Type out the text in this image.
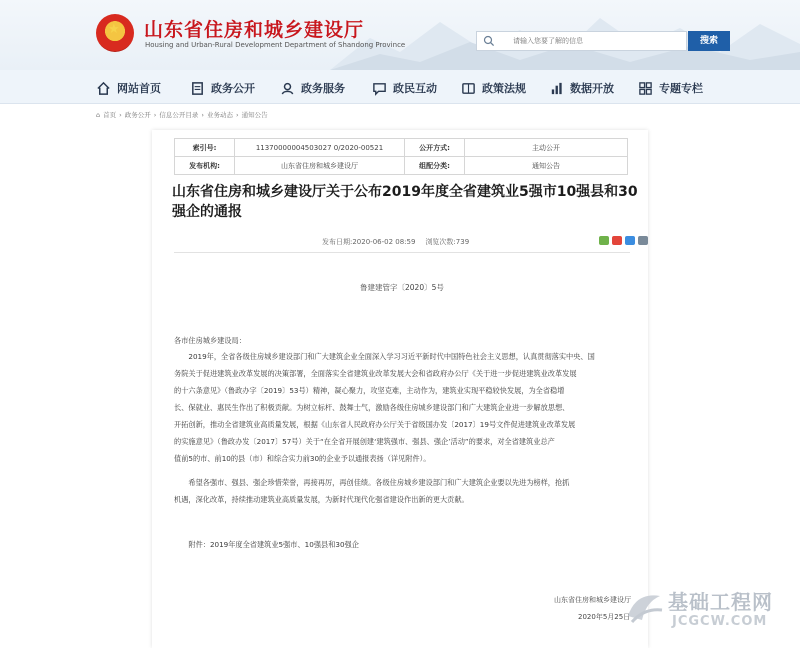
★ 山东省住房和城乡建设厅
Housing and Urban-Rural Development Department of Shandong Province
请输入您要了解的信息	搜索
网站首页	政务公开	政务服务	政民互动	政策法规	数据开放	专题专栏
⌂ 首页 › 政务公开 › 信息公开目录 › 业务动态 › 通知公告
索引号:	11370000004503027 0/2020-00521	公开方式:	主动公开
发布机构:	山东省住房和城乡建设厅	组配分类:	通知公告
山东省住房和城乡建设厅关于公布2019年度全省建筑业5强市10强县和30强企的通报
发布日期:2020-06-02 08:59 浏览次数:739
鲁建建管字〔2020〕5号
各市住房城乡建设局：
　　2019年，全省各级住房城乡建设部门和广大建筑企业全面深入学习习近平新时代中国特色社会主义思想，认真贯彻落实中央、国
务院关于促进建筑业改革发展的决策部署，全面落实全省建筑业改革发展大会和省政府办公厅《关于进一步促进建筑业改革发展
的十六条意见》（鲁政办字〔2019〕53号）精神，凝心聚力，攻坚克难，主动作为，建筑业实现平稳较快发展，为全省稳增
长、保就业、惠民生作出了积极贡献。为树立标杆、鼓舞士气，激励各级住房城乡建设部门和广大建筑企业进一步解放思想、
开拓创新，推动全省建筑业高质量发展，根据《山东省人民政府办公厅关于省级国办发〔2017〕19号文件促进建筑业改革发展
的实施意见》（鲁政办发〔2017〕57号）关于“在全省开展创建‘建筑强市、强县、强企’活动”的要求，对全省建筑业总产
值前5的市、前10的县（市）和综合实力前30的企业予以通报表扬（详见附件）。
　　希望各强市、强县、强企珍惜荣誉，再接再厉，再创佳绩。各级住房城乡建设部门和广大建筑企业要以先进为榜样，抢抓
机遇，深化改革，持续推动建筑业高质量发展，为新时代现代化强省建设作出新的更大贡献。
　　附件：2019年度全省建筑业5强市、10强县和30强企
山东省住房和城乡建设厅
2020年5月25日
基础工程网
JCGCW.COM
